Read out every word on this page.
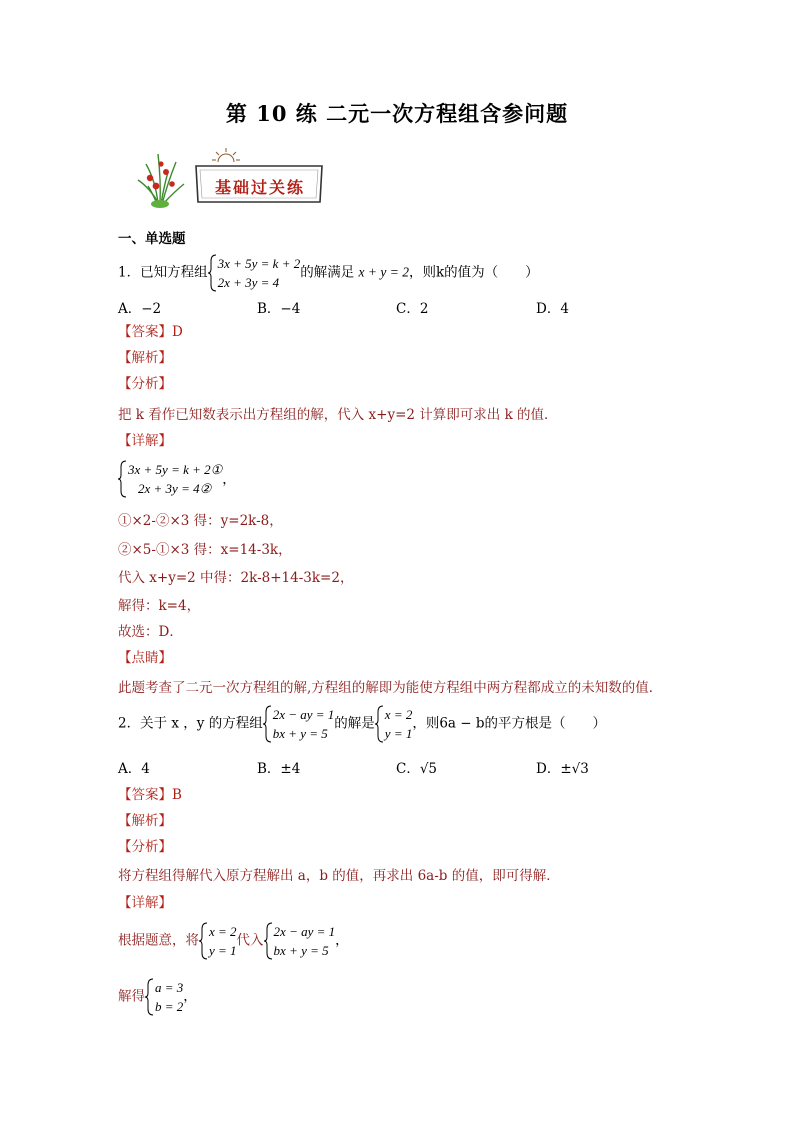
第 10 练 二元一次方程组含参问题
基础过关练
一、单选题
1．已知方程组
3x + 5y = k + 2
2x + 3y = 4
的解满足 x + y = 2，则k的值为（　　）
A．−2	B．−4	C．2	D．4
【答案】D
【解析】
【分析】
把 k 看作已知数表示出方程组的解，代入 x+y=2 计算即可求出 k 的值．
【详解】
3x + 5y = k + 2①
2x + 3y = 4②
，
①×2-②×3 得：y=2k-8，
②×5-①×3 得：x=14-3k，
代入 x+y=2 中得：2k-8+14-3k=2，
解得：k=4，
故选：D．
【点睛】
此题考查了二元一次方程组的解,方程组的解即为能使方程组中两方程都成立的未知数的值．
2．关于 x ，y 的方程组
2x − ay = 1
bx + y = 5
的解是
x = 2
y = 1
，则6a − b的平方根是（　　）
A．4	B．±4	C．√5	D．±√3
【答案】B
【解析】
【分析】
将方程组得解代入原方程解出 a，b 的值，再求出 6a-b 的值，即可得解．
【详解】
根据题意，将
x = 2
y = 1
代入
2x − ay = 1
bx + y = 5
，
解得
a = 3
b = 2
，
